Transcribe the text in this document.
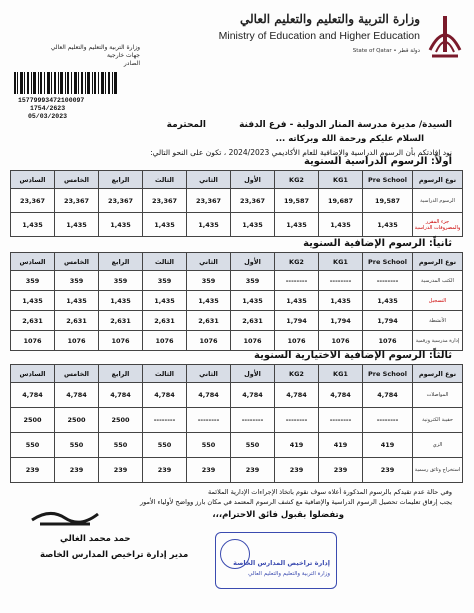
وزارة التربية والتعليم والتعليم العالي
Ministry of Education and Higher Education
State of Qatar • دولة قطر
وزارة التربية والتعليم والتعليم العالي
جهات خارجية
الصادر
15779993472100097
1754/2623
05/03/2023
السيدة/ مديرة مدرسة المنار الدولية - فرع الدفنة المحترمة
السلام عليكم ورحمة الله وبركاته ...
نود إفادتكم بأن الرسوم الدراسية والإضافية للعام الأكاديمي 2024/2023 ، تكون على النحو التالي:
أولاً: الرسوم الدراسية السنوية
السادس	الخامس	الرابع	الثالث	الثاني	الأول	KG2	KG1	Pre School	نوع الرسوم
23,367	23,367	23,367	23,367	23,367	23,367	19,587	19,687	19,587	الرسوم الدراسية
1,435	1,435	1,435	1,435	1,435	1,435	1,435	1,435	1,435	جزء المقرر والمصروفات الدراسية
ثانياً: الرسوم الإضافية السنوية
السادس	الخامس	الرابع	الثالث	الثاني	الأول	KG2	KG1	Pre School	نوع الرسوم
359	359	359	359	359	359	--------	--------	--------	الكتب المدرسية
1,435	1,435	1,435	1,435	1,435	1,435	1,435	1,435	1,435	التسجيل
2,631	2,631	2,631	2,631	2,631	2,631	1,794	1,794	1,794	الأنشطة
1076	1076	1076	1076	1076	1076	1076	1076	1076	إدارة مدرسية ورقمية
ثالثاً: الرسوم الإضافية الاختيارية السنوية
السادس	الخامس	الرابع	الثالث	الثاني	الأول	KG2	KG1	Pre School	نوع الرسوم
4,784	4,784	4,784	4,784	4,784	4,784	4,784	4,784	4,784	المواصلات
2500	2500	2500	--------	--------	--------	--------	--------	--------	حقيبة الكترونية
550	550	550	550	550	550	419	419	419	الزي
239	239	239	239	239	239	239	239	239	استخراج وثائق رسمية
وفي حالة عدم تقيدكم بالرسوم المذكورة أعلاه سوف نقوم باتخاذ الإجراءات الإدارية الملائمة
يجب إرفاق تعليمات تحصيل الرسوم الدراسية والإضافية مع كشف الرسوم المعتمد في مكان بارز وواضح لأولياء الأمور
وتفضلوا بقبول فائق الاحترام،،،
حمد محمد الغالي
مدير إدارة تراخيص المدارس الخاصة
إدارة تراخيص المدارس الخاصة
وزارة التربية والتعليم والتعليم العالي
